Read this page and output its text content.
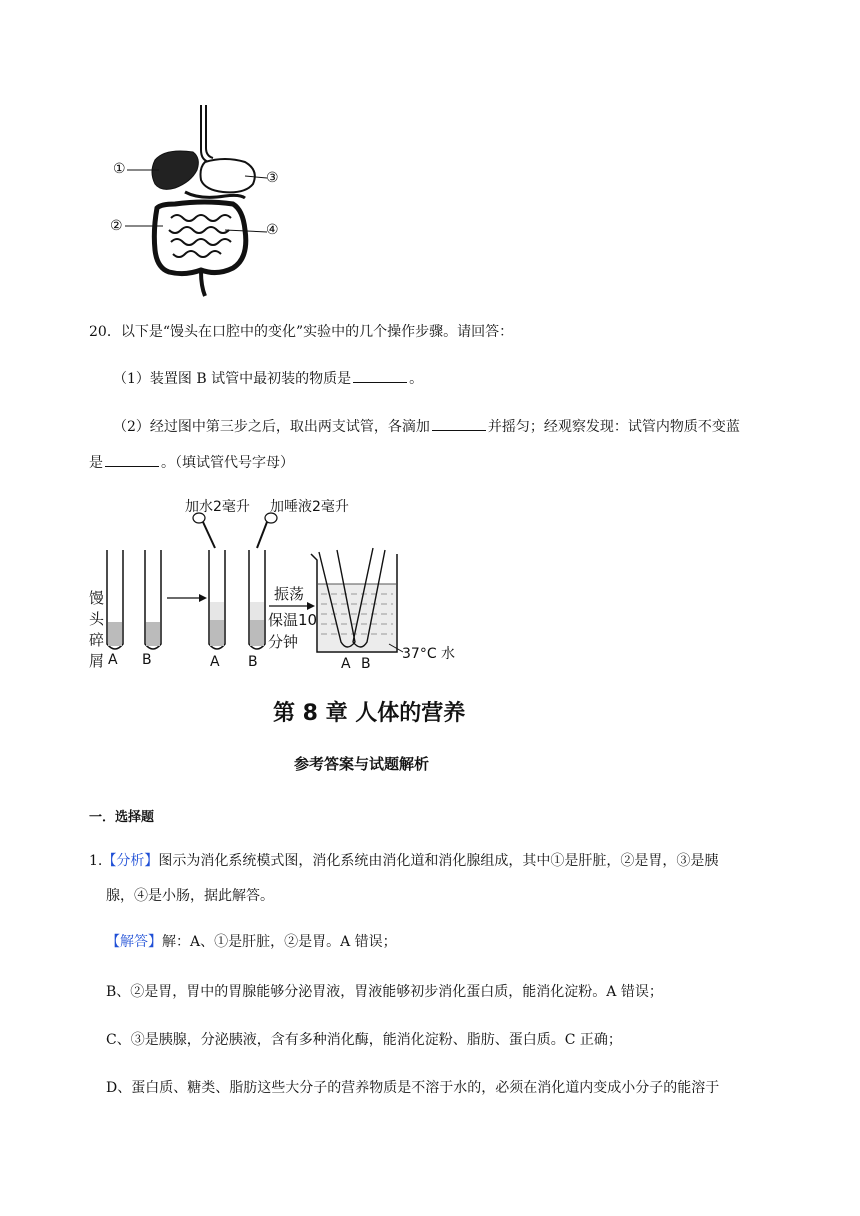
①
③
②	④
20．以下是“馒头在口腔中的变化”实验中的几个操作步骤。请回答：
（1）装置图 B 试管中最初装的物质是	。
（2）经过图中第三步之后，取出两支试管，各滴加	并摇匀；经观察发现：试管内物质不变蓝
是	。（填试管代号字母）
馒
头
碎
屑 A B	A B
加水2毫升 加唾液2毫升
振荡
保温10
分钟
A B
37°C 水
第 8 章 人体的营养
参考答案与试题解析
一．选择题
1.【分析】图示为消化系统模式图，消化系统由消化道和消化腺组成，其中①是肝脏，②是胃，③是胰
腺，④是小肠，据此解答。
【解答】解：A、①是肝脏，②是胃。A 错误；
B、②是胃，胃中的胃腺能够分泌胃液，胃液能够初步消化蛋白质，能消化淀粉。A 错误；
C、③是胰腺，分泌胰液，含有多种消化酶，能消化淀粉、脂肪、蛋白质。C 正确；
D、蛋白质、糖类、脂肪这些大分子的营养物质是不溶于水的，必须在消化道内变成小分子的能溶于
